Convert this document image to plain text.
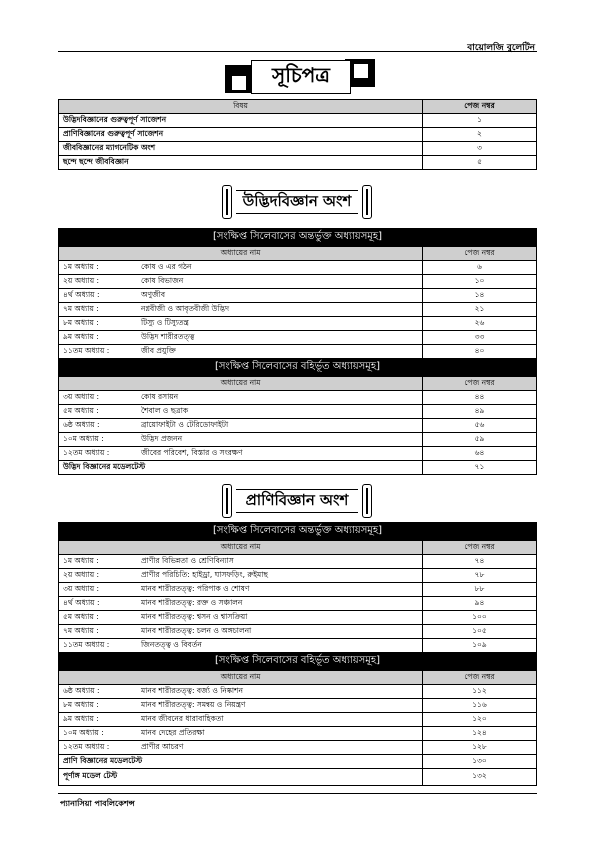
বায়োলজি বুলেটিন
সূচিপত্র
বিষয়	পেজ নম্বর
উদ্ভিদবিজ্ঞানের গুরুত্বপূর্ণ সাজেশন	১
প্রাণিবিজ্ঞানের গুরুত্বপূর্ণ সাজেশন	২
জীববিজ্ঞানের ম্যাগনেটিক অংশ	৩
ছন্দে ছন্দে জীববিজ্ঞান	৫
উদ্ভিদবিজ্ঞান অংশ
[সংক্ষিপ্ত সিলেবাসের অন্তর্ভুক্ত অধ্যায়সমূহ]		
অধ্যায়ের নাম		পেজ নম্বর
১ম অধ্যায় :	কোষ ও এর গঠন	৬
২য় অধ্যায় :	কোষ বিভাজন	১০
৪র্থ অধ্যায় :	অণুজীব	১৪
৭ম অধ্যায় :	নগ্নবীজী ও আবৃতবীজী উদ্ভিদ	২১
৮ম অধ্যায় :	টিস্যু ও টিস্যুতন্ত্র	২৬
৯ম অধ্যায় :	উদ্ভিদ শারীরতত্ত্ব	৩৩
১১তম অধ্যায় :	জীব প্রযুক্তি	৪০
[সংক্ষিপ্ত সিলেবাসের বহির্ভূত অধ্যায়সমূহ]		
অধ্যায়ের নাম		পেজ নম্বর
৩য় অধ্যায় :	কোষ রসায়ন	৪৪
৫ম অধ্যায় :	শৈবাল ও ছত্রাক	৪৯
৬ষ্ঠ অধ্যায় :	ব্রায়োফাইটা ও টেরিডোফাইটা	৫৬
১০ম অধ্যায় :	উদ্ভিদ প্রজনন	৫৯
১২তম অধ্যায় :	জীবের পরিবেশ, বিস্তার ও সংরক্ষণ	৬৪
উদ্ভিদ বিজ্ঞানের মডেলটেস্ট		৭১
প্রাণিবিজ্ঞান অংশ
[সংক্ষিপ্ত সিলেবাসের অন্তর্ভুক্ত অধ্যায়সমূহ]		
অধ্যায়ের নাম		পেজ নম্বর
১ম অধ্যায় :	প্রাণীর বিভিন্নতা ও শ্রেণিবিন্যাস	৭৪
২য় অধ্যায় :	প্রাণীর পরিচিতি: হাইড্রা, ঘাসফড়িং, রুইমাছ	৭৮
৩য় অধ্যায় :	মানব শারীরতত্ত্ব: পরিপাক ও শোষণ	৮৮
৪র্থ অধ্যায় :	মানব শারীরতত্ত্ব: রক্ত ও সঞ্চালন	৯৪
৫ম অধ্যায় :	মানব শারীরতত্ত্ব: শ্বসন ও শ্বাসক্রিয়া	১০০
৭ম অধ্যায় :	মানব শারীরতত্ত্ব: চলন ও অঙ্গচালনা	১০৫
১১তম অধ্যায় :	জিনতত্ত্ব ও বিবর্তন	১০৯
[সংক্ষিপ্ত সিলেবাসের বহির্ভূত অধ্যায়সমূহ]		
অধ্যায়ের নাম		পেজ নম্বর
৬ষ্ঠ অধ্যায় :	মানব শারীরতত্ত্ব: বর্জ্য ও নিষ্কাশন	১১২
৮ম অধ্যায় :	মানব শারীরতত্ত্ব: সমন্বয় ও নিয়ন্ত্রণ	১১৬
৯ম অধ্যায় :	মানব জীবনের ধারাবাহিকতা	১২০
১০ম অধ্যায় :	মানব দেহের প্রতিরক্ষা	১২৪
১২তম অধ্যায় :	প্রাণীর আচরণ	১২৮
প্রাণি বিজ্ঞানের মডেলটেস্ট		১৩০
পূর্ণাঙ্গ মডেল টেস্ট		১৩২
প্যানাসিয়া পাবলিকেশন্স
